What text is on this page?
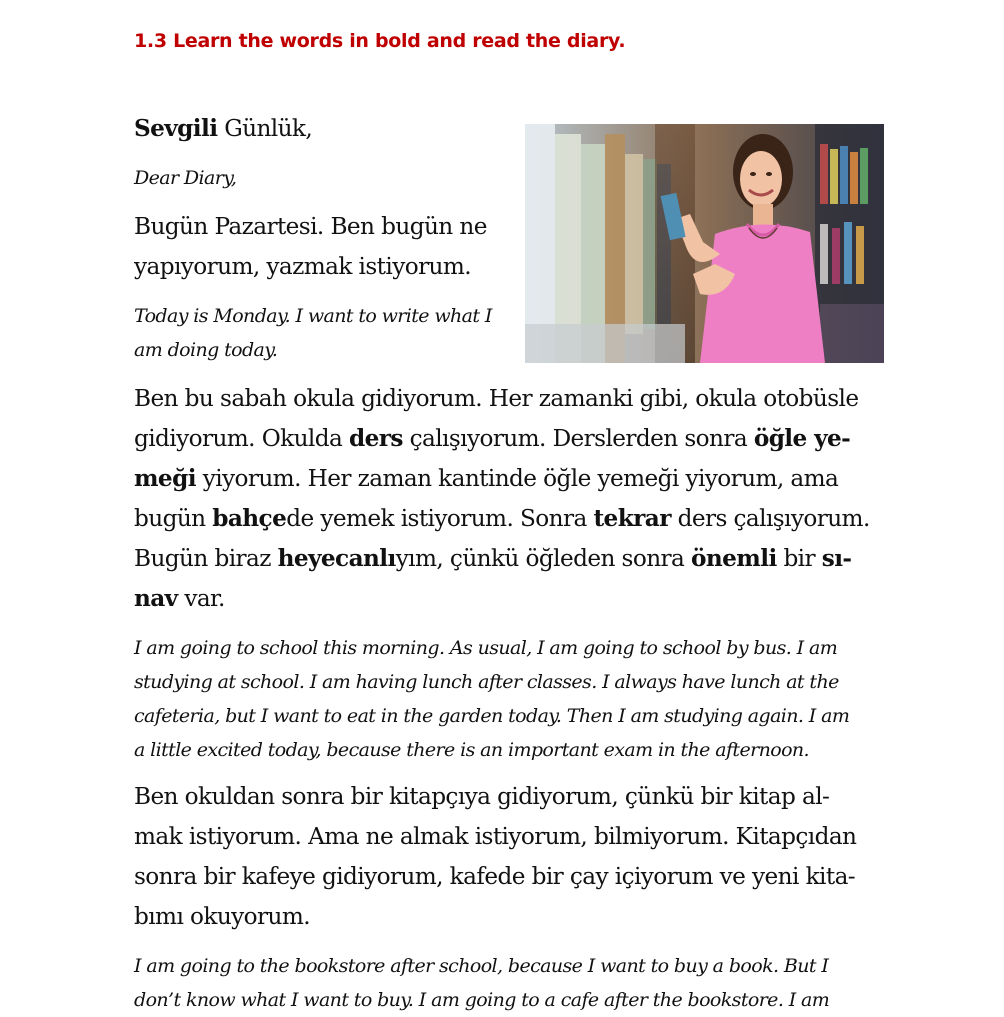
1.3 Learn the words in bold and read the diary.

Sevgili Günlük,

Dear Diary,

Bugün Pazartesi. Ben bugün ne
yapıyorum, yazmak istiyorum.

Today is Monday. I want to write what I
am doing today.

Ben bu sabah okula gidiyorum. Her zamanki gibi, okula otobüsle
gidiyorum. Okulda ders çalışıyorum. Derslerden sonra öğle ye-
meği yiyorum. Her zaman kantinde öğle yemeği yiyorum, ama
bugün bahçede yemek istiyorum. Sonra tekrar ders çalışıyorum.
Bugün biraz heyecanlıyım, çünkü öğleden sonra önemli bir sı-
nav var.

I am going to school this morning. As usual, I am going to school by bus. I am
studying at school. I am having lunch after classes. I always have lunch at the
cafeteria, but I want to eat in the garden today. Then I am studying again. I am
a little excited today, because there is an important exam in the afternoon.

Ben okuldan sonra bir kitapçıya gidiyorum, çünkü bir kitap al-
mak istiyorum. Ama ne almak istiyorum, bilmiyorum. Kitapçıdan
sonra bir kafeye gidiyorum, kafede bir çay içiyorum ve yeni kita-
bımı okuyorum.

I am going to the bookstore after school, because I want to buy a book. But I
don’t know what I want to buy. I am going to a cafe after the bookstore. I am
